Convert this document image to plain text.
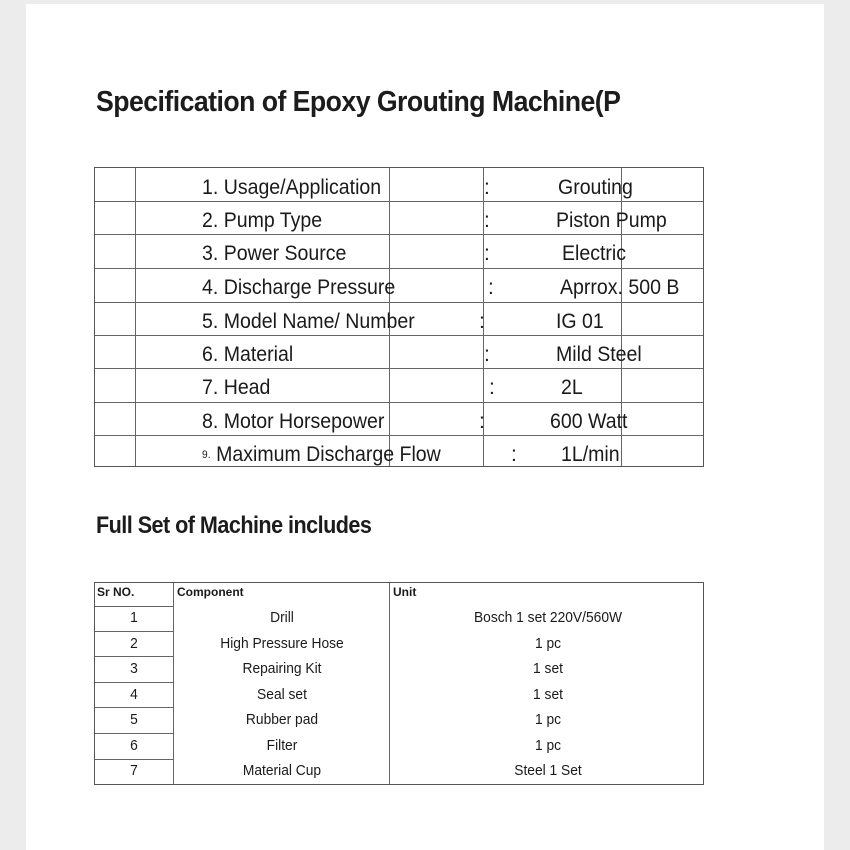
Specification of Epoxy Grouting Machine(P
1. Usage/Application	:	Grouting
2. Pump Type	:	Piston Pump
3. Power Source	:	Electric
4. Discharge Pressure	:	Aprrox. 500 B
5. Model Name/ Number	:	IG 01
6. Material	:	Mild Steel
7. Head	:	2L
8. Motor Horsepower	:	600 Watt
9. Maximum Discharge Flow	: 1L/min
Full Set of Machine includes
Sr NO.	Component	Unit
1	Drill	Bosch 1 set 220V/560W
2	High Pressure Hose	1 pc
3	Repairing Kit	1 set
4	Seal set	1 set
5	Rubber pad	1 pc
6	Filter	1 pc
7	Material Cup	Steel 1 Set
